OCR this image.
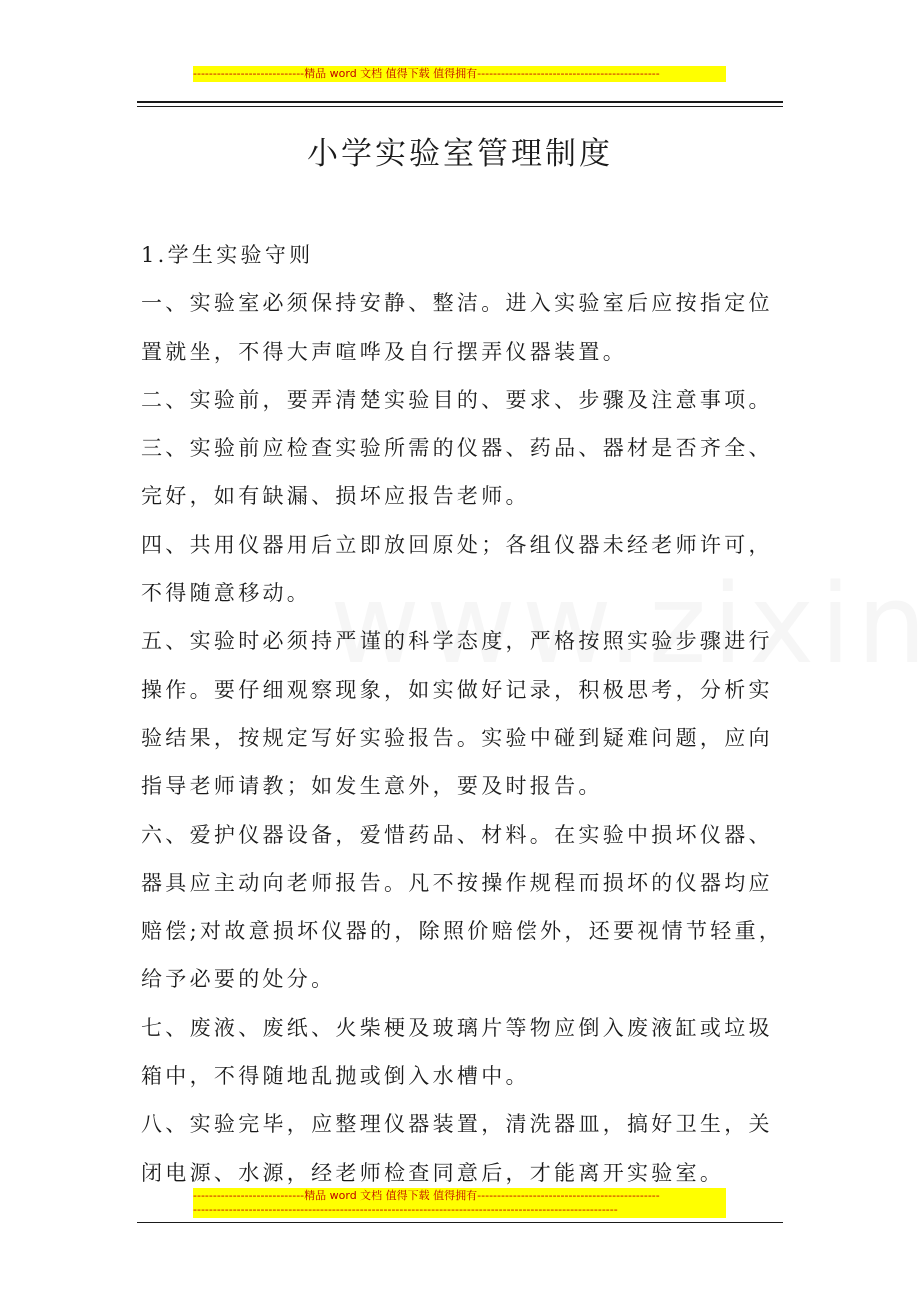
----------------------------精品 word 文档 值得下载 值得拥有----------------------------------------------
小学实验室管理制度

1.学生实验守则

一、实验室必须保持安静、整洁。进入实验室后应按指定位置就坐，不得大声喧哗及自行摆弄仪器装置。

二、实验前，要弄清楚实验目的、要求、步骤及注意事项。

三、实验前应检查实验所需的仪器、药品、器材是否齐全、完好，如有缺漏、损坏应报告老师。

四、共用仪器用后立即放回原处；各组仪器未经老师许可，不得随意移动。

五、实验时必须持严谨的科学态度，严格按照实验步骤进行操作。要仔细观察现象，如实做好记录，积极思考，分析实验结果，按规定写好实验报告。实验中碰到疑难问题，应向指导老师请教；如发生意外，要及时报告。

六、爱护仪器设备，爱惜药品、材料。在实验中损坏仪器、器具应主动向老师报告。凡不按操作规程而损坏的仪器均应赔偿;对故意损坏仪器的，除照价赔偿外，还要视情节轻重，给予必要的处分。

七、废液、废纸、火柴梗及玻璃片等物应倒入废液缸或垃圾箱中，不得随地乱抛或倒入水槽中。

八、实验完毕，应整理仪器装置，清洗器皿，搞好卫生，关闭电源、水源，经老师检查同意后，才能离开实验室。

----------------------------精品 word 文档 值得下载 值得拥有----------------------------------------------
-----------------------------------------------------------------------------------------------------------
